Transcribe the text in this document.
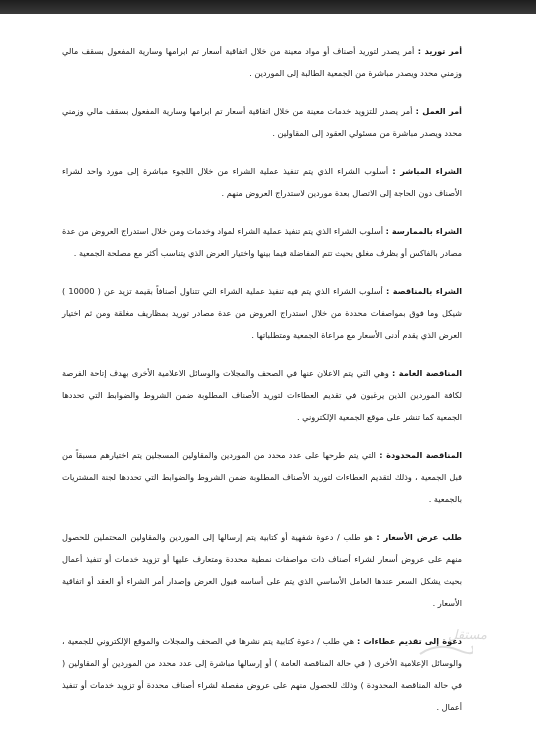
أمر توريد : أمر يصدر لتوريد أصناف أو مواد معينة من خلال اتفاقية أسعار تم ابرامها وسارية المفعول بسقف مالي وزمني محدد ويصدر مباشرة من الجمعية الطالبة إلى الموردين .

أمر العمل : أمر يصدر للتزويد خدمات معينة من خلال اتفاقية أسعار تم ابرامها وسارية المفعول بسقف مالي وزمني محدد ويصدر مباشرة من مسئولي العقود إلى المقاولين .

الشراء المباشر : أسلوب الشراء الذي يتم تنفيذ عملية الشراء من خلال اللجوء مباشرة إلى مورد واحد لشراء الأصناف دون الحاجة إلى الاتصال بعدة موردين لاستدراج العروض منهم .

الشراء بالممارسة : أسلوب الشراء الذي يتم تنفيذ عملية الشراء لمواد وخدمات ومن خلال استدراج العروض من عدة مصادر بالفاكس أو بظرف مغلق بحيث تتم المفاضلة فيما بينها واختيار العرض الذي يتناسب أكثر مع مصلحة الجمعية .

الشراء بالمناقصة : أسلوب الشراء الذي يتم فيه تنفيذ عملية الشراء التي تتناول أصنافاً بقيمة تزيد عن ( 10000 ) شيكل وما فوق بمواصفات محددة من خلال استدراج العروض من عدة مصادر توريد بمظاريف مغلقة ومن ثم اختيار العرض الذي يقدم أدنى الأسعار مع مراعاة الجمعية ومتطلباتها .

المناقصة العامة : وهي التي يتم الاعلان عنها في الصحف والمجلات والوسائل الاعلامية الأخرى بهدف إتاحة الفرصة لكافة الموردين الذين يرغبون في تقديم العطاءات لتوريد الأصناف المطلوبة ضمن الشروط والضوابط التي تحددها الجمعية كما تنشر على موقع الجمعية الإلكتروني .

المناقصة المحدودة : التي يتم طرحها على عدد محدد من الموردين والمقاولين المسجلين يتم اختيارهم مسبقاً من قبل الجمعية ، وذلك لتقديم العطاءات لتوريد الأصناف المطلوبة ضمن الشروط والضوابط التي تحددها لجنة المشتريات بالجمعية .

طلب عرض الأسعار : هو طلب / دعوة شفهية أو كتابية يتم إرسالها إلى الموردين والمقاولين المحتملين للحصول منهم على عروض أسعار لشراء أصناف ذات مواصفات نمطية محددة ومتعارف عليها أو تزويد خدمات أو تنفيذ أعمال بحيث يشكل السعر عندها العامل الأساسي الذي يتم على أساسه قبول العرض وإصدار أمر الشراء أو العقد أو اتفاقية الأسعار .

دعوة إلى تقديم عطاءات : هي طلب / دعوة كتابية يتم نشرها في الصحف والمجلات والموقع الإلكتروني للجمعية ، والوسائل الإعلامية الأخرى ( في حالة المناقصة العامة ) أو إرسالها مباشرة إلى عدد محدد من الموردين أو المقاولين ( في حالة المناقصة المحدودة ) وذلك للحصول منهم على عروض مفصلة لشراء أصناف محددة أو تزويد خدمات أو تنفيذ أعمال .

مستقل
